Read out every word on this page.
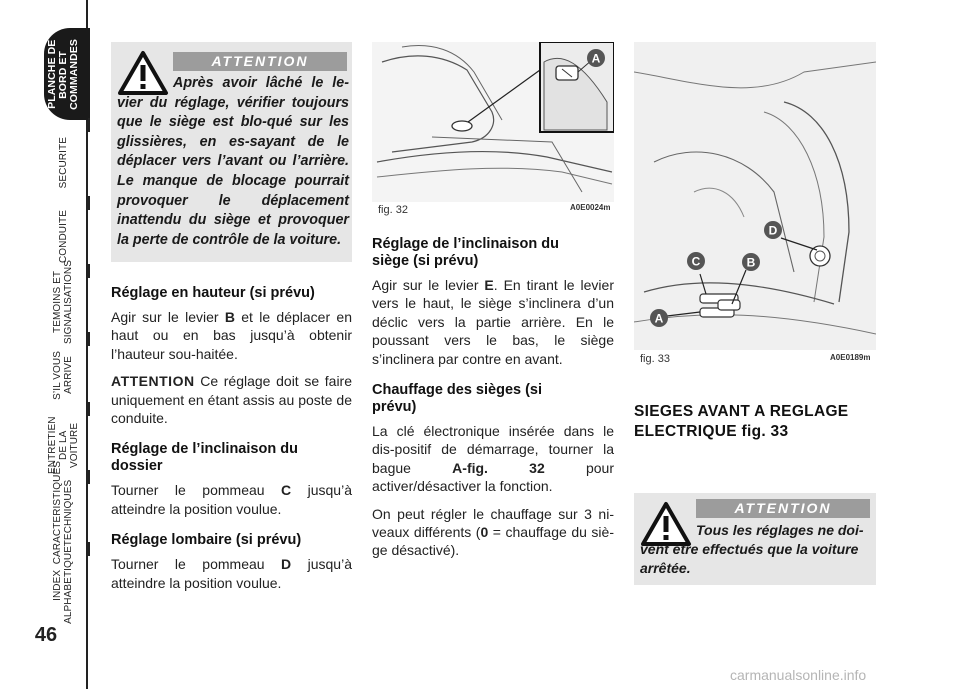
PLANCHE DE
BORD ET
COMMANDES
SECURITE
CONDUITE
TEMOINS ET
SIGNALISATIONS
S’IL VOUS
ARRIVE
ENTRETIEN
DE LA VOITURE
CARACTERISTIQUES
TECHNIQUES
INDEX
ALPHABETIQUE
46
ATTENTION
Après avoir lâché le le-vier du réglage, vérifier toujours que le siège est blo-qué sur les glissières, en es-sayant de le déplacer vers l’avant ou l’arrière. Le manque de blocage pourrait provoquer le déplacement inattendu du siège et provoquer la perte de contrôle de la voiture.
Réglage en hauteur (si prévu)

Agir sur le levier B et le déplacer en haut ou en bas jusqu’à obtenir l’hauteur sou-haitée.

ATTENTION Ce réglage doit se faire uniquement en étant assis au poste de conduite.

Réglage de l’inclinaison du dossier

Tourner le pommeau C jusqu’à atteindre la position voulue.

Réglage lombaire (si prévu)

Tourner le pommeau D jusqu’à atteindre la position voulue.

A
fig. 32	A0E0024m
Réglage de l’inclinaison du siège (si prévu)

Agir sur le levier E. En tirant le levier vers le haut, le siège s’inclinera d’un déclic vers la partie arrière. En le poussant vers le bas, le siège s’inclinera par contre en avant.

Chauffage des sièges (si prévu)

La clé électronique insérée dans le dis-positif de démarrage, tourner la bague A-fig. 32 pour activer/désactiver la fonction.

On peut régler le chauffage sur 3 ni-veaux différents (0 = chauffage du siè-ge désactivé).

D
C	B
A
fig. 33	A0E0189m
SIEGES AVANT A REGLAGE ELECTRIQUE fig. 33
ATTENTION
Tous les réglages ne doi-vent être effectués que la voiture arrêtée.
carmanualsonline.info
